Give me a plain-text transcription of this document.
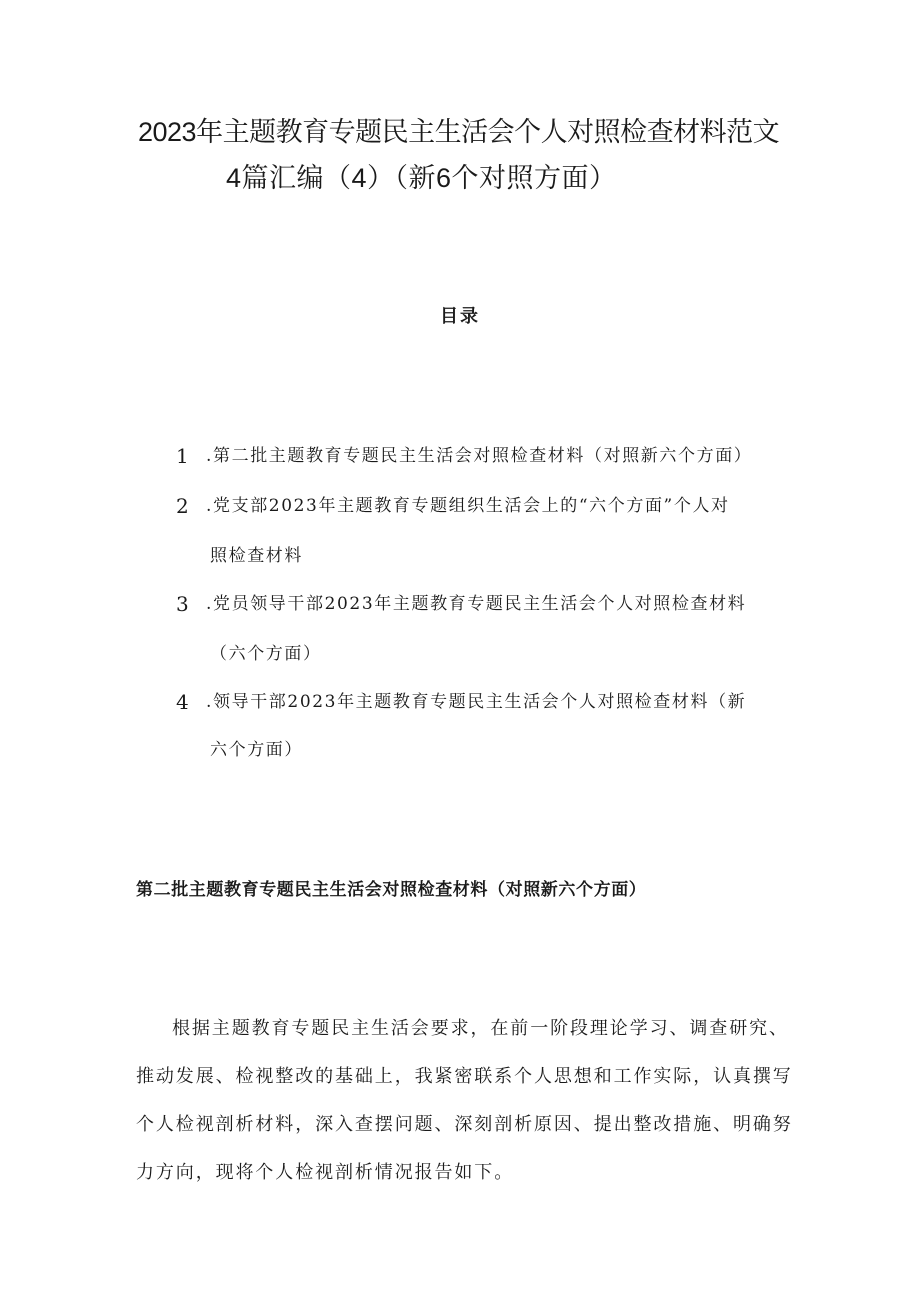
2023年主题教育专题民主生活会个人对照检查材料范文
4篇汇编（4）（新6个对照方面）
目录
1 .第二批主题教育专题民主生活会对照检查材料（对照新六个方面）
2 .党支部2023年主题教育专题组织生活会上的“六个方面”个人对
照检查材料
3 .党员领导干部2023年主题教育专题民主生活会个人对照检查材料
（六个方面）
4 .领导干部2023年主题教育专题民主生活会个人对照检查材料（新
六个方面）
第二批主题教育专题民主生活会对照检查材料（对照新六个方面）
根据主题教育专题民主生活会要求，在前一阶段理论学习、调查研究、
推动发展、检视整改的基础上，我紧密联系个人思想和工作实际，认真撰写
个人检视剖析材料，深入查摆问题、深刻剖析原因、提出整改措施、明确努
力方向，现将个人检视剖析情况报告如下。
